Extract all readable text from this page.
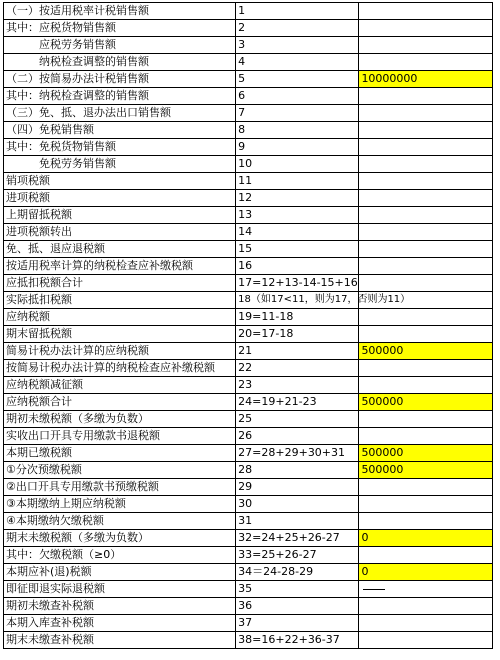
（一）按适用税率计税销售额	1	
其中：应税货物销售额	2	
　　　应税劳务销售额	3	
　　　纳税检查调整的销售额	4	
（二）按简易办法计税销售额	5	10000000
其中：纳税检查调整的销售额	6	
（三）免、抵、退办法出口销售额	7	
（四）免税销售额	8	
其中：免税货物销售额	9	
　　　免税劳务销售额	10	
销项税额	11	
进项税额	12	
上期留抵税额	13	
进项税额转出	14	
免、抵、退应退税额	15	
按适用税率计算的纳税检查应补缴税额	16	
应抵扣税额合计	17=12+13-14-15+16	
实际抵扣税额	18（如17<11，则为17，否则为11）	
应纳税额	19=11-18	
期末留抵税额	20=17-18	
简易计税办法计算的应纳税额	21	500000
按简易计税办法计算的纳税检查应补缴税额	22	
应纳税额减征额	23	
应纳税额合计	24=19+21-23	500000
期初未缴税额（多缴为负数）	25	
实收出口开具专用缴款书退税额	26	
本期已缴税额	27=28+29+30+31	500000
①分次预缴税额	28	500000
②出口开具专用缴款书预缴税额	29	
③本期缴纳上期应纳税额	30	
④本期缴纳欠缴税额	31	
期末未缴税额（多缴为负数）	32=24+25+26-27	0
其中：欠缴税额（≥0）	33=25+26-27	
本期应补(退)税额	34＝24-28-29	0
即征即退实际退税额	35	
期初未缴查补税额	36	
本期入库查补税额	37	
期末未缴查补税额	38=16+22+36-37	
